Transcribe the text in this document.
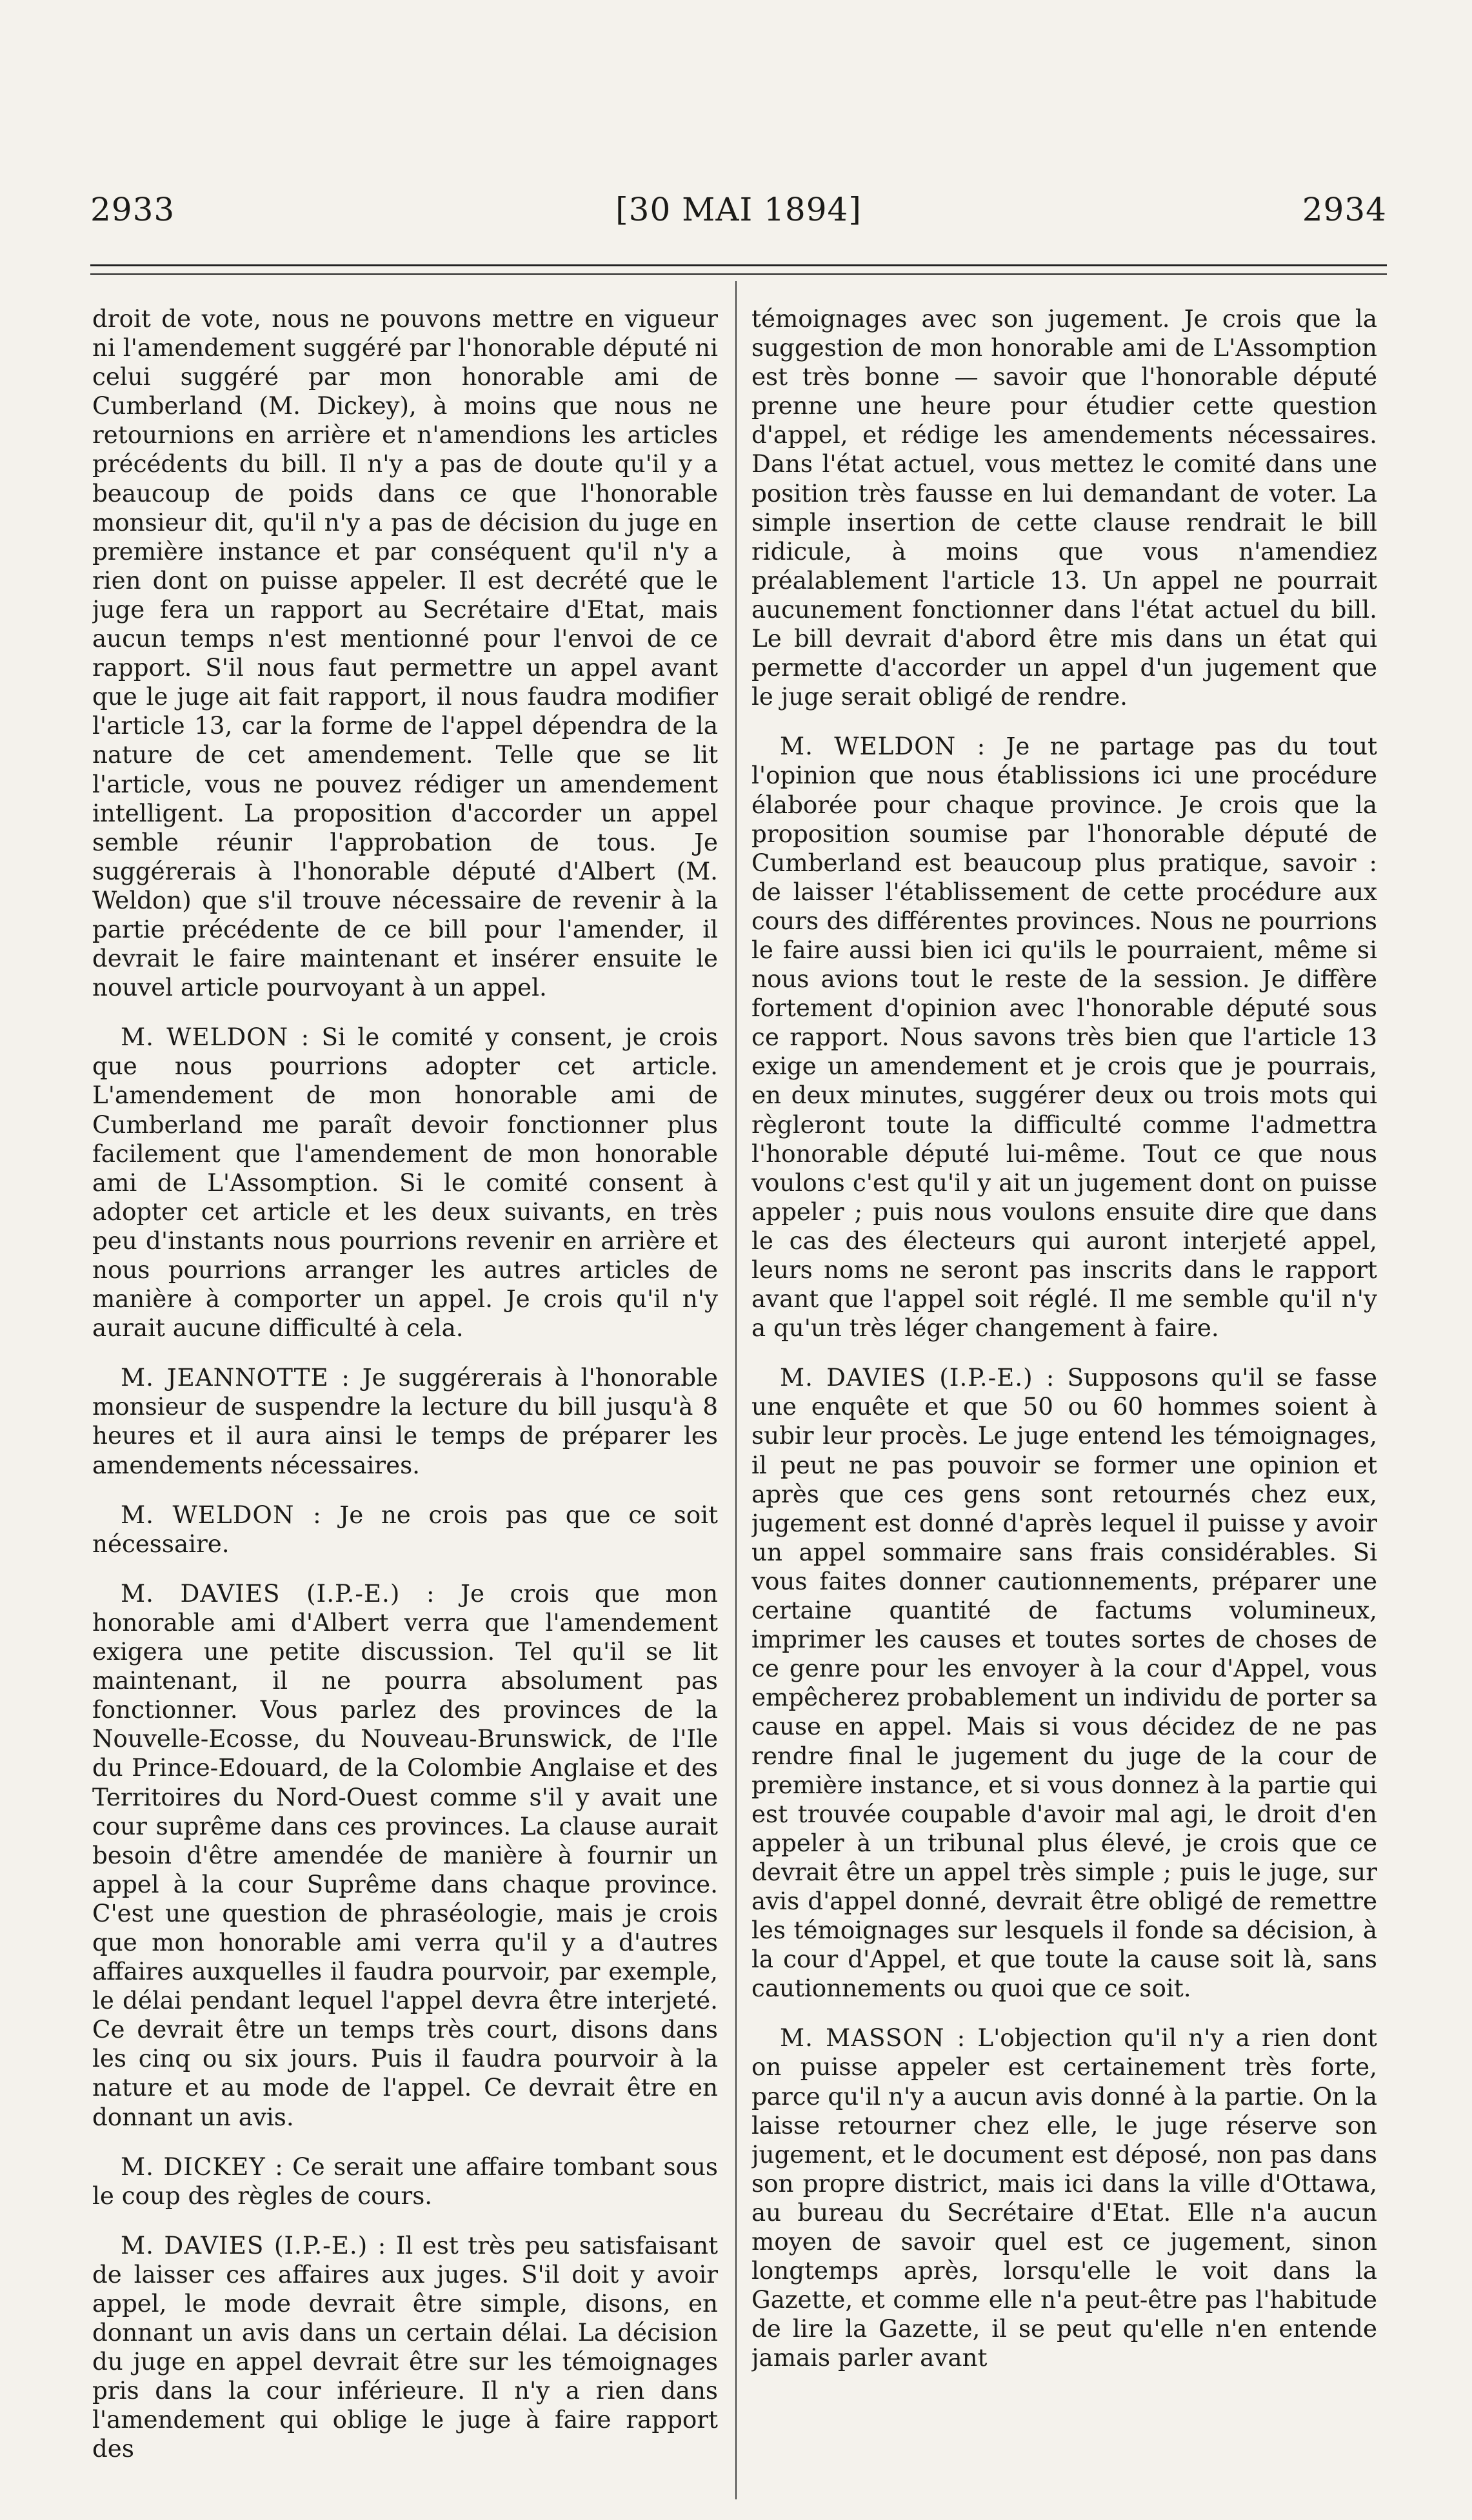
2933	[30 MAI 1894]	2934

droit de vote, nous ne pouvons mettre en vigueur ni l'amendement suggéré par l'honorable député ni celui suggéré par mon honorable ami de Cumberland (M. Dickey), à moins que nous ne retournions en arrière et n'amendions les articles précédents du bill. Il n'y a pas de doute qu'il y a beaucoup de poids dans ce que l'honorable monsieur dit, qu'il n'y a pas de décision du juge en première instance et par conséquent qu'il n'y a rien dont on puisse appeler. Il est decrété que le juge fera un rapport au Secrétaire d'Etat, mais aucun temps n'est mentionné pour l'envoi de ce rapport. S'il nous faut permettre un appel avant que le juge ait fait rapport, il nous faudra modifier l'article 13, car la forme de l'appel dépendra de la nature de cet amendement. Telle que se lit l'article, vous ne pouvez rédiger un amendement intelligent. La proposition d'accorder un appel semble réunir l'approbation de tous. Je suggérerais à l'honorable député d'Albert (M. Weldon) que s'il trouve nécessaire de revenir à la partie précédente de ce bill pour l'amender, il devrait le faire maintenant et insérer ensuite le nouvel article pourvoyant à un appel.

M. WELDON : Si le comité y consent, je crois que nous pourrions adopter cet article. L'amendement de mon honorable ami de Cumberland me paraît devoir fonctionner plus facilement que l'amendement de mon honorable ami de L'Assomption. Si le comité consent à adopter cet article et les deux suivants, en très peu d'instants nous pourrions revenir en arrière et nous pourrions arranger les autres articles de manière à comporter un appel. Je crois qu'il n'y aurait aucune difficulté à cela.

M. JEANNOTTE : Je suggérerais à l'honorable monsieur de suspendre la lecture du bill jusqu'à 8 heures et il aura ainsi le temps de préparer les amendements nécessaires.

M. WELDON : Je ne crois pas que ce soit nécessaire.

M. DAVIES (I.P.-E.) : Je crois que mon honorable ami d'Albert verra que l'amendement exigera une petite discussion. Tel qu'il se lit maintenant, il ne pourra absolument pas fonctionner. Vous parlez des provinces de la Nouvelle-Ecosse, du Nouveau-Brunswick, de l'Ile du Prince-Edouard, de la Colombie Anglaise et des Territoires du Nord-Ouest comme s'il y avait une cour suprême dans ces provinces. La clause aurait besoin d'être amendée de manière à fournir un appel à la cour Suprême dans chaque province. C'est une question de phraséologie, mais je crois que mon honorable ami verra qu'il y a d'autres affaires auxquelles il faudra pourvoir, par exemple, le délai pendant lequel l'appel devra être interjeté. Ce devrait être un temps très court, disons dans les cinq ou six jours. Puis il faudra pourvoir à la nature et au mode de l'appel. Ce devrait être en donnant un avis.

M. DICKEY : Ce serait une affaire tombant sous le coup des règles de cours.

M. DAVIES (I.P.-E.) : Il est très peu satisfaisant de laisser ces affaires aux juges. S'il doit y avoir appel, le mode devrait être simple, disons, en donnant un avis dans un certain délai. La décision du juge en appel devrait être sur les témoignages pris dans la cour inférieure. Il n'y a rien dans l'amendement qui oblige le juge à faire rapport des

témoignages avec son jugement. Je crois que la suggestion de mon honorable ami de L'Assomption est très bonne — savoir que l'honorable député prenne une heure pour étudier cette question d'appel, et rédige les amendements nécessaires. Dans l'état actuel, vous mettez le comité dans une position très fausse en lui demandant de voter. La simple insertion de cette clause rendrait le bill ridicule, à moins que vous n'amendiez préalablement l'article 13. Un appel ne pourrait aucunement fonctionner dans l'état actuel du bill. Le bill devrait d'abord être mis dans un état qui permette d'accorder un appel d'un jugement que le juge serait obligé de rendre.

M. WELDON : Je ne partage pas du tout l'opinion que nous établissions ici une procédure élaborée pour chaque province. Je crois que la proposition soumise par l'honorable député de Cumberland est beaucoup plus pratique, savoir : de laisser l'établissement de cette procédure aux cours des différentes provinces. Nous ne pourrions le faire aussi bien ici qu'ils le pourraient, même si nous avions tout le reste de la session. Je diffère fortement d'opinion avec l'honorable député sous ce rapport. Nous savons très bien que l'article 13 exige un amendement et je crois que je pourrais, en deux minutes, suggérer deux ou trois mots qui règleront toute la difficulté comme l'admettra l'honorable député lui-même. Tout ce que nous voulons c'est qu'il y ait un jugement dont on puisse appeler ; puis nous voulons ensuite dire que dans le cas des électeurs qui auront interjeté appel, leurs noms ne seront pas inscrits dans le rapport avant que l'appel soit réglé. Il me semble qu'il n'y a qu'un très léger changement à faire.

M. DAVIES (I.P.-E.) : Supposons qu'il se fasse une enquête et que 50 ou 60 hommes soient à subir leur procès. Le juge entend les témoignages, il peut ne pas pouvoir se former une opinion et après que ces gens sont retournés chez eux, jugement est donné d'après lequel il puisse y avoir un appel sommaire sans frais considérables. Si vous faites donner cautionnements, préparer une certaine quantité de factums volumineux, imprimer les causes et toutes sortes de choses de ce genre pour les envoyer à la cour d'Appel, vous empêcherez probablement un individu de porter sa cause en appel. Mais si vous décidez de ne pas rendre final le jugement du juge de la cour de première instance, et si vous donnez à la partie qui est trouvée coupable d'avoir mal agi, le droit d'en appeler à un tribunal plus élevé, je crois que ce devrait être un appel très simple ; puis le juge, sur avis d'appel donné, devrait être obligé de remettre les témoignages sur lesquels il fonde sa décision, à la cour d'Appel, et que toute la cause soit là, sans cautionnements ou quoi que ce soit.

M. MASSON : L'objection qu'il n'y a rien dont on puisse appeler est certainement très forte, parce qu'il n'y a aucun avis donné à la partie. On la laisse retourner chez elle, le juge réserve son jugement, et le document est déposé, non pas dans son propre district, mais ici dans la ville d'Ottawa, au bureau du Secrétaire d'Etat. Elle n'a aucun moyen de savoir quel est ce jugement, sinon longtemps après, lorsqu'elle le voit dans la Gazette, et comme elle n'a peut-être pas l'habitude de lire la Gazette, il se peut qu'elle n'en entende jamais parler avant
